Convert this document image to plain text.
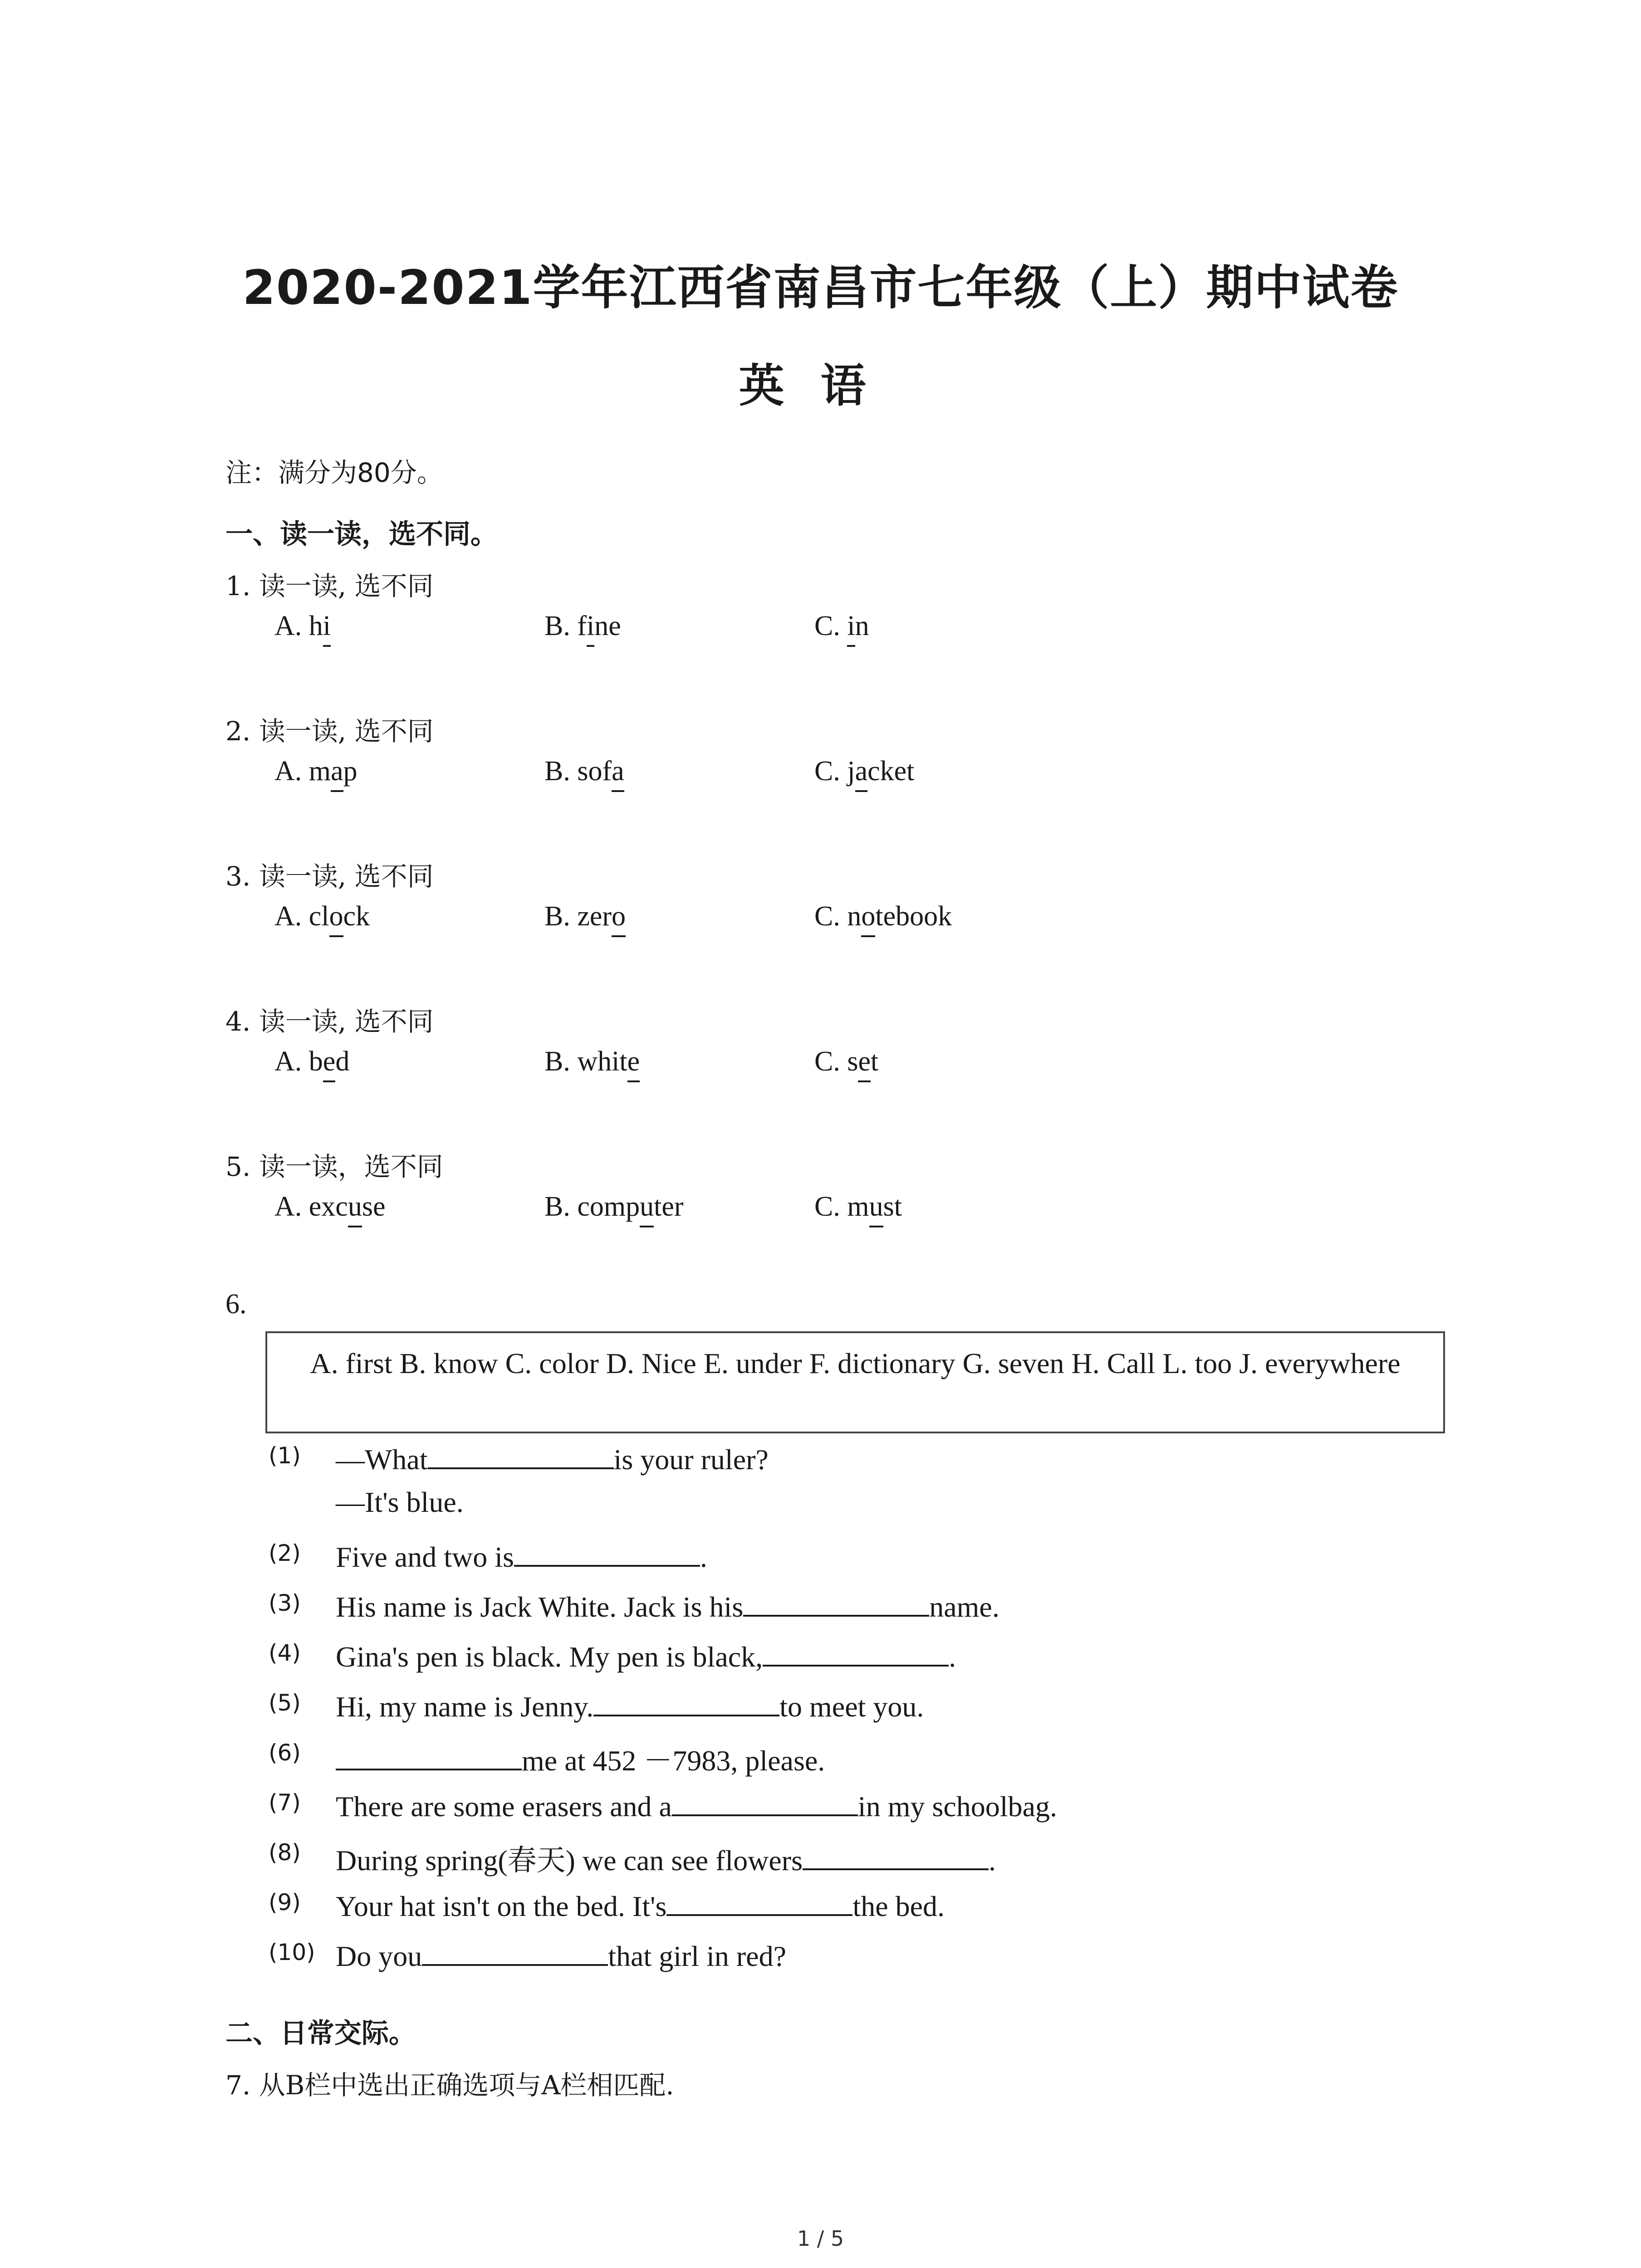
2020-2021学年江西省南昌市七年级（上）期中试卷
英语
注：满分为80分。
一、读一读，选不同。
1. 读一读, 选不同
A. hi	B. fine	C. in
2. 读一读, 选不同
A. map	B. sofa	C. jacket
3. 读一读, 选不同
A. clock	B. zero	C. notebook
4. 读一读, 选不同
A. bed	B. white	C. set
5. 读一读，选不同
A. excuse	B. computer	C. must
6.
A. first B. know C. color D. Nice E. under F. dictionary G. seven H. Call L. too J. everywhere
(1) —What	is your ruler?
—It's blue.
(2) Five and two is	.
(3) His name is Jack White. Jack is his	name.
(4) Gina's pen is black. My pen is black,	.
(5) Hi, my name is Jenny.	to meet you.
(6)	me at 452 －7983, please.
(7) There are some erasers and a	in my schoolbag.
(8) During spring(春天) we can see flowers	.
(9) Your hat isn't on the bed. It's	the bed.
(10) Do you	that girl in red?
二、日常交际。
7. 从B栏中选出正确选项与A栏相匹配.
1 / 5
